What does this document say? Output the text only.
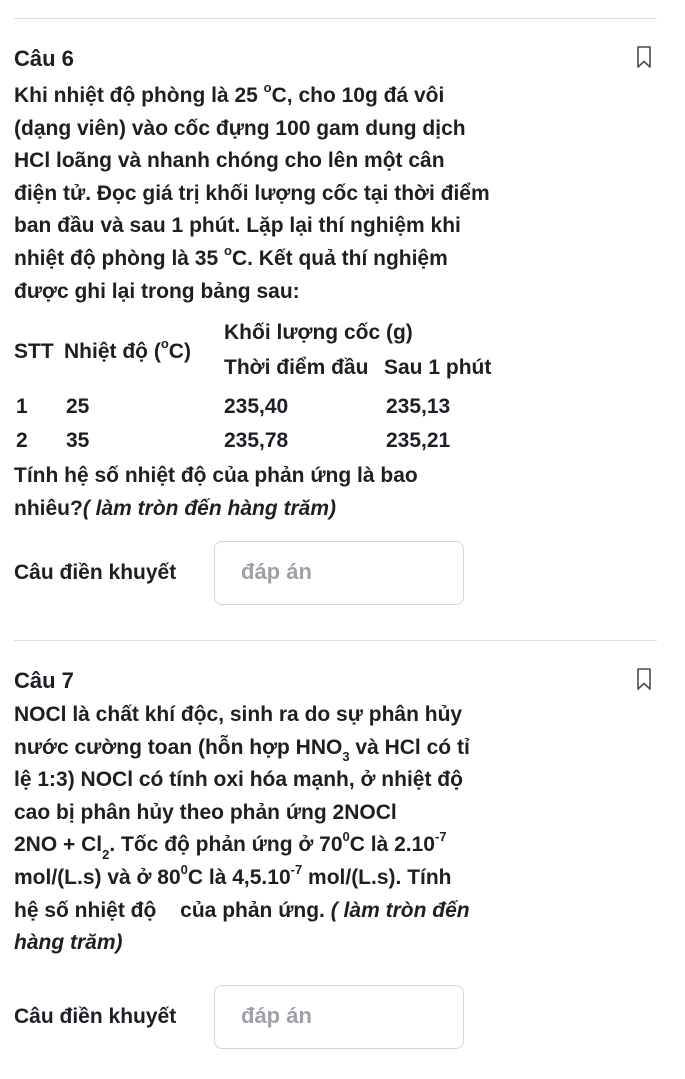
Câu 6
Khi nhiệt độ phòng là 25 $^o$C, cho 10g đá vôi
(dạng viên) vào cốc đựng 100 gam dung dịch
HCl loãng và nhanh chóng cho lên một cân
điện tử. Đọc giá trị khối lượng cốc tại thời điểm
ban đầu và sau 1 phút. Lặp lại thí nghiệm khi
nhiệt độ phòng là 35 $^o$C. Kết quả thí nghiệm
được ghi lại trong bảng sau:
STT Nhiệt độ ($^o$C)
Khối lượng cốc (g)
Thời điểm đầu Sau 1 phút
1 25	235,40	235,13
2 35	235,78	235,21
Tính hệ số nhiệt độ của phản ứng là bao
nhiêu?( làm tròn đến hàng trăm)
Câu điền khuyết	đáp án
Câu 7
NOCl là chất khí độc, sinh ra do sự phân hủy
nước cường toan (hỗn hợp $HNO_3$ và HCl có tỉ
lệ 1:3) NOCl có tính oxi hóa mạnh, ở nhiệt độ
cao bị phân hủy theo phản ứng 2NOCl
$2NO + Cl_2$. Tốc độ phản ứng ở $70^0C$ là $2.10^{-7}$
mol/(L.s) và ở $80^0C$ là $4,5.10^{-7}$ mol/(L.s). Tính
hệ số nhiệt độ của phản ứng. ( làm tròn đến
hàng trăm)
Câu điền khuyết	đáp án
